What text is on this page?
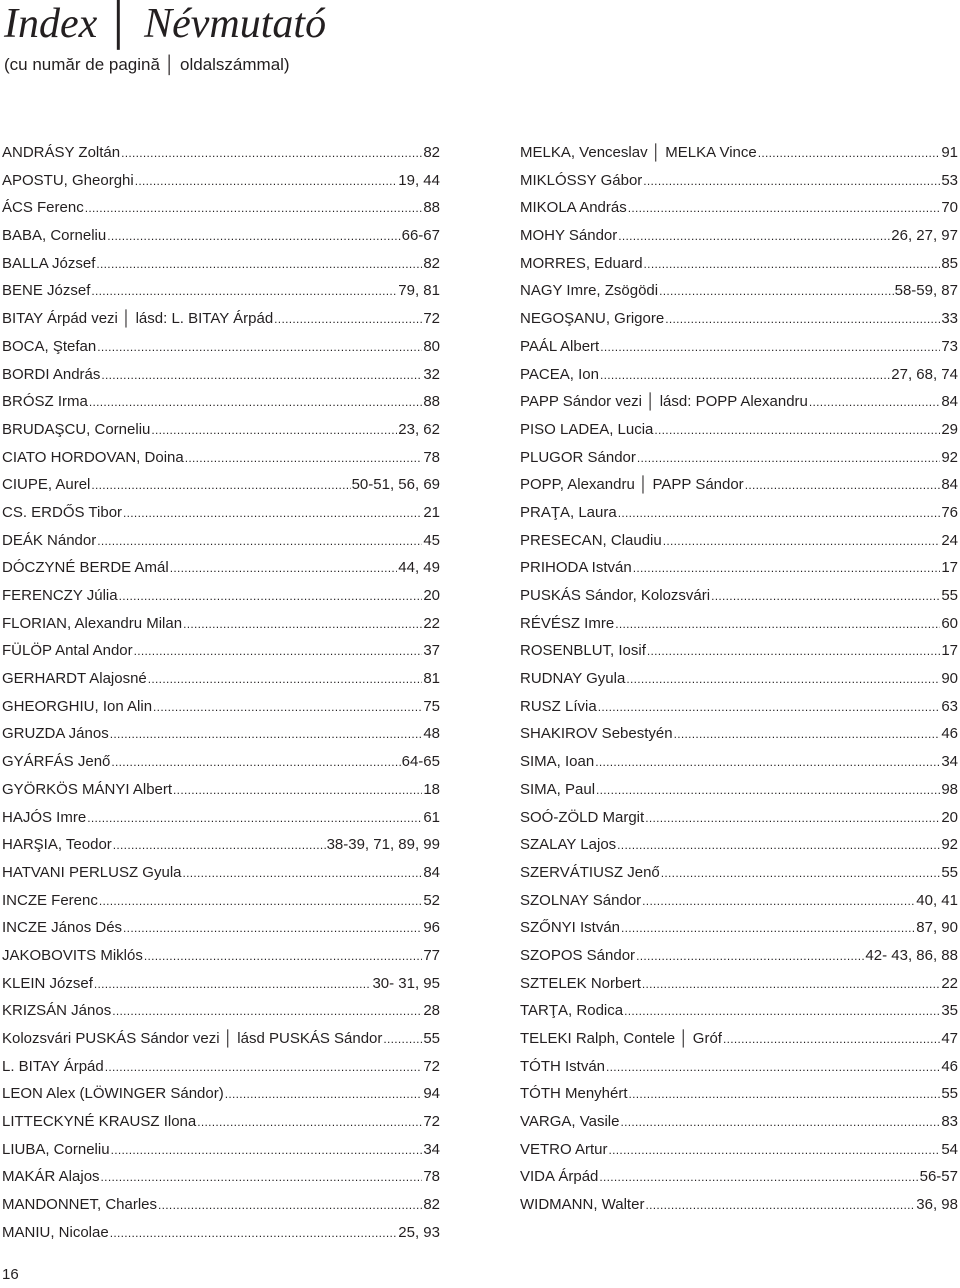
Index │ Névmutató
(cu număr de pagină │ oldalszámmal)
ANDRÁSY Zoltán .....	82
APOSTU, Gheorghi .....	19, 44
ÁCS Ferenc .....	88
BABA, Corneliu .....	66-67
BALLA József .....	82
BENE József .....	79, 81
BITAY Árpád vezi │ lásd: L. BITAY Árpád .....	72
BOCA, Ştefan .....	80
BORDI András .....	32
BRÓSZ Irma .....	88
BRUDAŞCU, Corneliu .....	23, 62
CIATO HORDOVAN, Doina .....	78
CIUPE, Aurel .....	50-51, 56, 69
CS. ERDŐS Tibor .....	21
DEÁK Nándor .....	45
DÓCZYNÉ BERDE Amál .....	44, 49
FERENCZY Júlia .....	20
FLORIAN, Alexandru Milan .....	22
FÜLÖP Antal Andor .....	37
GERHARDT Alajosné .....	81
GHEORGHIU, Ion Alin .....	75
GRUZDA János .....	48
GYÁRFÁS Jenő .....	64-65
GYÖRKÖS MÁNYI Albert .....	18
HAJÓS Imre .....	61
HARŞIA, Teodor .....	38-39, 71, 89, 99
HATVANI PERLUSZ Gyula .....	84
INCZE Ferenc .....	52
INCZE János Dés .....	96
JAKOBOVITS Miklós .....	77
KLEIN József .....	30- 31, 95
KRIZSÁN János .....	28
Kolozsvári PUSKÁS Sándor vezi │ lásd PUSKÁS Sándor .....	55
L. BITAY Árpád .....	72
LEON Alex (LÖWINGER Sándor) .....	94
LITTECKYNÉ KRAUSZ Ilona .....	72
LIUBA, Corneliu .....	34
MAKÁR Alajos .....	78
MANDONNET, Charles .....	82
MANIU, Nicolae .....	25, 93
MELKA, Venceslav │ MELKA Vince .....	91
MIKLÓSSY Gábor .....	53
MIKOLA András .....	70
MOHY Sándor .....	26, 27, 97
MORRES, Eduard .....	85
NAGY Imre, Zsögödi .....	58-59, 87
NEGOŞANU, Grigore .....	33
PAÁL Albert .....	73
PACEA, Ion .....	27, 68, 74
PAPP Sándor vezi │ lásd: POPP Alexandru .....	84
PISO LADEA, Lucia .....	29
PLUGOR Sándor .....	92
POPP, Alexandru │ PAPP Sándor .....	84
PRAŢA, Laura .....	76
PRESECAN, Claudiu .....	24
PRIHODA István .....	17
PUSKÁS Sándor, Kolozsvári .....	55
RÉVÉSZ Imre .....	60
ROSENBLUT, Iosif .....	17
RUDNAY Gyula .....	90
RUSZ Lívia .....	63
SHAKIROV Sebestyén .....	46
SIMA, Ioan .....	34
SIMA, Paul .....	98
SOÓ-ZÖLD Margit .....	20
SZALAY Lajos .....	92
SZERVÁTIUSZ Jenő .....	55
SZOLNAY Sándor .....	40, 41
SZŐNYI István .....	87, 90
SZOPOS Sándor .....	42- 43, 86, 88
SZTELEK Norbert .....	22
TARŢA, Rodica .....	35
TELEKI Ralph, Contele │ Gróf .....	47
TÓTH István .....	46
TÓTH Menyhért .....	55
VARGA, Vasile .....	83
VETRO Artur .....	54
VIDA Árpád .....	56-57
WIDMANN, Walter .....	36, 98
16
